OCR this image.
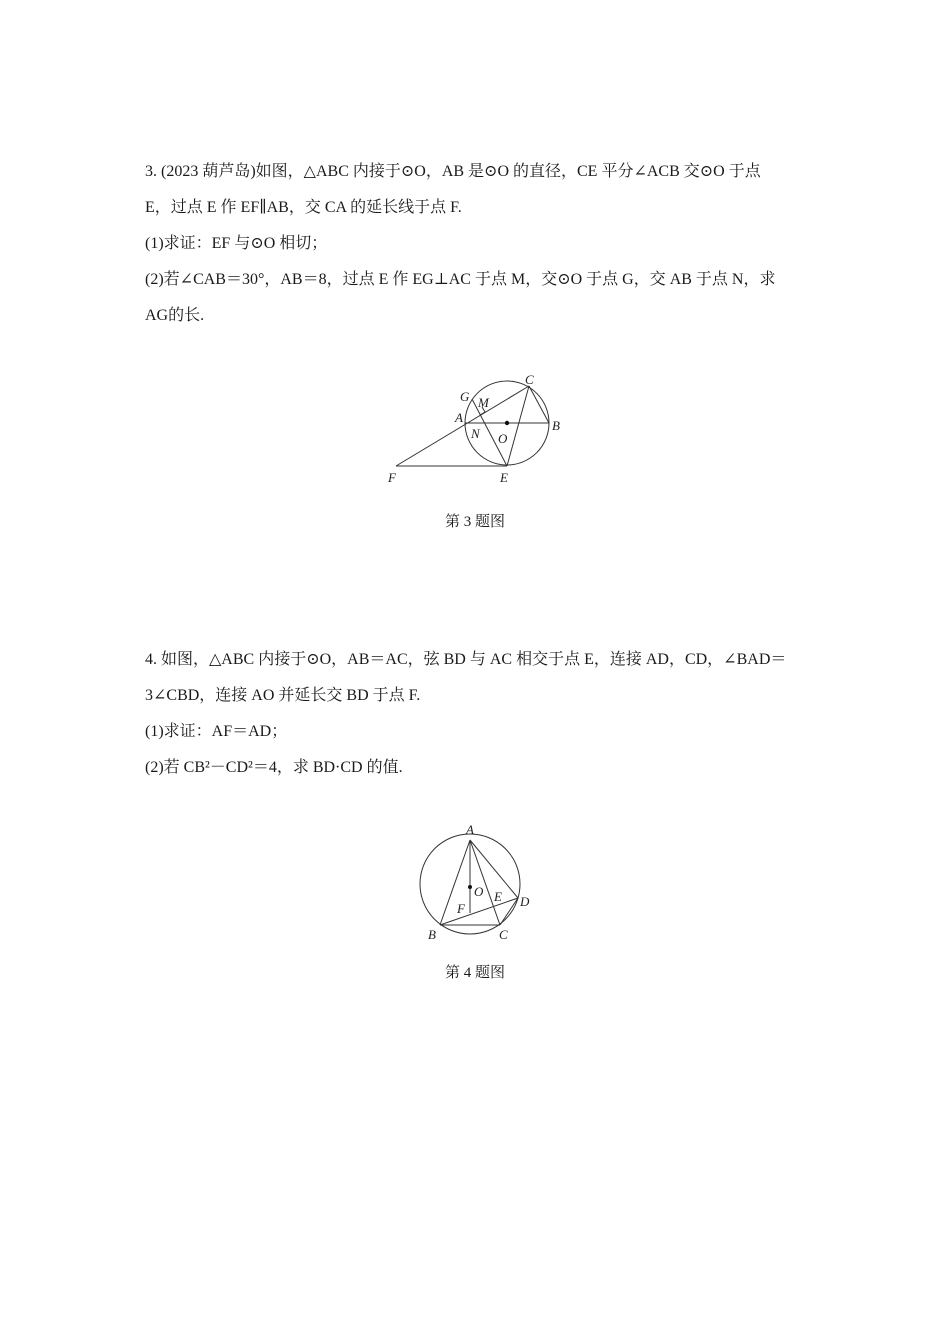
3. (2023 葫芦岛)如图，△ABC 内接于⊙O，AB 是⊙O 的直径，CE 平分∠ACB 交⊙O 于点
E，过点 E 作 EF∥AB，交 CA 的延长线于点 F.
(1)求证：EF 与⊙O 相切；
(2)若∠CAB＝30°，AB＝8，过点 E 作 EG⊥AC 于点 M，交⊙O 于点 G，交 AB 于点 N，求
AG的长.
C
G M
A
B
N O
F	E
第 3 题图
4. 如图，△ABC 内接于⊙O，AB＝AC，弦 BD 与 AC 相交于点 E，连接 AD，CD，∠BAD＝
3∠CBD，连接 AO 并延长交 BD 于点 F.
(1)求证：AF＝AD；
(2)若 CB²－CD²＝4，求 BD·CD 的值.
A
O E D
F
B	C
第 4 题图
